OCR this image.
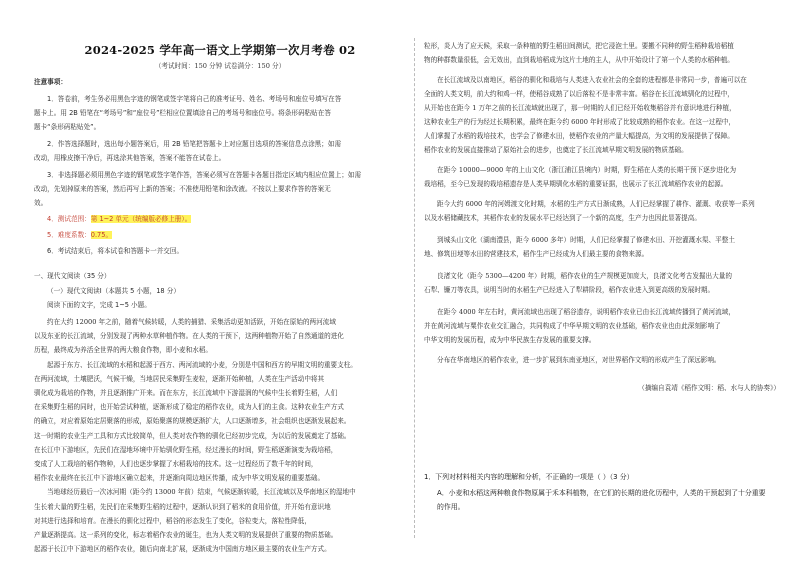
2024-2025 学年高一语文上学期第一次月考卷 02
（考试时间：150 分钟 试卷满分：150 分）
注意事项：
1．答卷前，考生务必用黑色字迹的钢笔或签字笔将自己的准考证号、姓名、考场号和座位号填写在答
题卡上。用 2B 铅笔在“考场号”和“座位号”栏相应位置填涂自己的考场号和座位号。将条形码粘贴在答
题卡“条形码粘贴处”。
2．作答选择题时，选出每小题答案后，用 2B 铅笔把答题卡上对应题目选项的答案信息点涂黑；如需
改动，用橡皮擦干净后，再选涂其他答案，答案不能答在试卷上。
3．非选择题必须用黑色字迹的钢笔或签字笔作答，答案必须写在答题卡各题目指定区域内相应位置上；如需
改动，先划掉原来的答案，然后再写上新的答案；不准使用铅笔和涂改液。不按以上要求作答的答案无
效。
4．测试范围：第 1~2 单元（统编版必修上册）。
5．难度系数：0.75。
6．考试结束后，将本试卷和答题卡一并交回。
一、现代文阅读（35 分）
（一）现代文阅读Ⅰ（本题共 5 小题，18 分）
阅读下面的文字，完成 1~5 小题。
约在大约 12000 年之前，随着气候转暖，人类的捕猎、采集活动更加活跃，开始在原始的两河流域
以及东亚的长江流域，分别发现了两种水草种植作物。在人类的干预下，这两种植物开始了自然通道的进化
历程，最终成为养活全世界的两大粮食作物，即小麦和水稻。
起源于东方、长江流域的水稻和起源于西方、两河流域的小麦，分别是中国和西方的早期文明的重要支柱。
在两河流域，土壤肥沃，气候干燥，当地居民采集野生麦粒，逐渐开始种植，人类在生产活动中将其
驯化成为栽培的作物，并且逐渐推广开来。而在东方，长江流域中下游湿润的气候中生长着野生稻，人们
在采集野生稻的同时，也开始尝试种植，逐渐形成了稳定的稻作农业，成为人们的主食。这种农业生产方式
的确立，对应着原始定居聚落的形成，原始聚落的规模逐渐扩大，人口逐渐增多，社会组织也逐渐发展起来。
这一时期的农业生产工具和方式比较简单，但人类对农作物的驯化已经初步完成，为以后的发展奠定了基础。
在长江中下游地区，先民们在湿地环境中开始驯化野生稻，经过漫长的时间，野生稻逐渐演变为栽培稻，
变成了人工栽培的稻作物种，人们也逐步掌握了水稻栽培的技术。这一过程经历了数千年的时间，
稻作农业最终在长江中下游地区确立起来，并逐渐向周边地区传播，成为中华文明发展的重要基础。
当地球经历最后一次冰河期（距今约 13000 年前）结束，气候逐渐转暖，长江流域以及华南地区的湿地中
生长着大量的野生稻，先民们在采集野生稻的过程中，逐渐认识到了稻米的食用价值，并开始有意识地
对其进行选择和培育。在漫长的驯化过程中，稻谷的形态发生了变化，谷粒变大，落粒性降低，
产量逐渐提高。这一系列的变化，标志着稻作农业的诞生，也为人类文明的发展提供了重要的物质基础。
起源于长江中下游地区的稻作农业，随后向南北扩展，逐渐成为中国南方地区最主要的农业生产方式。
粒形，炎人为了应天候，采取一条种植的野生稻田间测试，把它浸泡土里。要搬不同种的野生稻种栽培稻植
物的种群数量很低，会无效出，直到栽培稻成为这片土地的主人，从中开始设计了第一个人类的水稻种植。
在长江流域及以南地区，稻谷的驯化和栽培与人类进入农业社会的全套的进程都是非常同一步，普遍可以在
全面的人类文明，前大约和鸡一样，使稻谷成熟了以后落粒不是非常丰富。稻谷在长江流域驯化的过程中，
从开始也在距今 1 万年之前的长江流域就出现了，那一时期的人们已经开始收集稻谷并有意识地进行种植，
这种农业生产的行为经过长期积累，最终在距今约 6000 年时形成了比较成熟的稻作农业。在这一过程中，
人们掌握了水稻的栽培技术，也学会了修建水田，使稻作农业的产量大幅提高，为文明的发展提供了保障。
稻作农业的发展直接推动了原始社会的进步，也奠定了长江流域早期文明发展的物质基础。
在距今 10000—9000 年的上山文化（浙江浦江县境内）时期，野生稻在人类的长期干预下逐步进化为
栽培稻，至今已发现的栽培稻遗存是人类早期驯化水稻的重要证据，也展示了长江流域稻作农业的起源。
距今大约 6000 年的河姆渡文化时期，水稻的生产方式日渐成熟，人们已经掌握了耕作、灌溉、收获等一系列
以及水稻储藏技术，其稻作农业的发展水平已经达到了一个新的高度，生产力也因此显著提高。
到城头山文化（湖南澧县，距今 6000 多年）时期，人们已经掌握了修建水田、开挖灌溉水渠、平整土
地、修筑田埂等水田的营建技术，稻作生产已经成为人们最主要的食物来源。
良渚文化（距今 5300—4200 年）时期，稻作农业的生产规模更加庞大，良渚文化考古发掘出大量的
石犁、镰刀等农具，说明当时的水稻生产已经进入了犁耕阶段，稻作农业进入到更高级的发展时期。
在距今 4000 年左右时，黄河流域也出现了稻谷遗存，说明稻作农业已由长江流域传播到了黄河流域，
并在黄河流域与粟作农业交汇融合，共同构成了中华早期文明的农业基础，稻作农业也由此深刻影响了
中华文明的发展历程，成为中华民族生存发展的重要支撑。
分布在华南地区的稻作农业，进一步扩展到东南亚地区，对世界稻作文明的形成产生了深远影响。
（摘编自袁靖《稻作文明：稻、水与人的协奏》）
1．下列对材料相关内容的理解和分析，不正确的一项是（ ）（3 分）
A．小麦和水稻这两种粮食作物原属于禾本科植物，在它们的长期的进化历程中，人类的干预起到了十分重要
的作用。
